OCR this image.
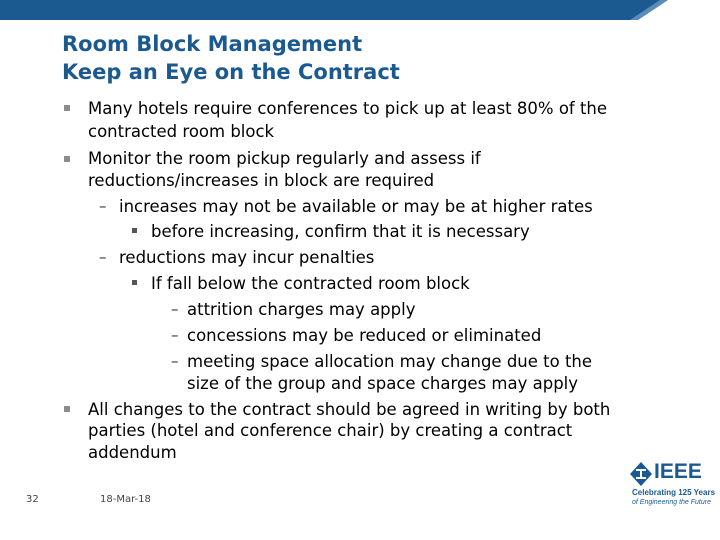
Room Block Management
Keep an Eye on the Contract
Many hotels require conferences to pick up at least 80% of the
contracted room block
Monitor the room pickup regularly and assess if
reductions/increases in block are required
– increases may not be available or may be at higher rates
before increasing, confirm that it is necessary
– reductions may incur penalties
If fall below the contracted room block
– attrition charges may apply
– concessions may be reduced or eliminated
– meeting space allocation may change due to the
size of the group and space charges may apply
All changes to the contract should be agreed in writing by both
parties (hotel and conference chair) by creating a contract
addendum
32	18-Mar-18
IEEE
Celebrating 125 Years
of Engineering the Future
